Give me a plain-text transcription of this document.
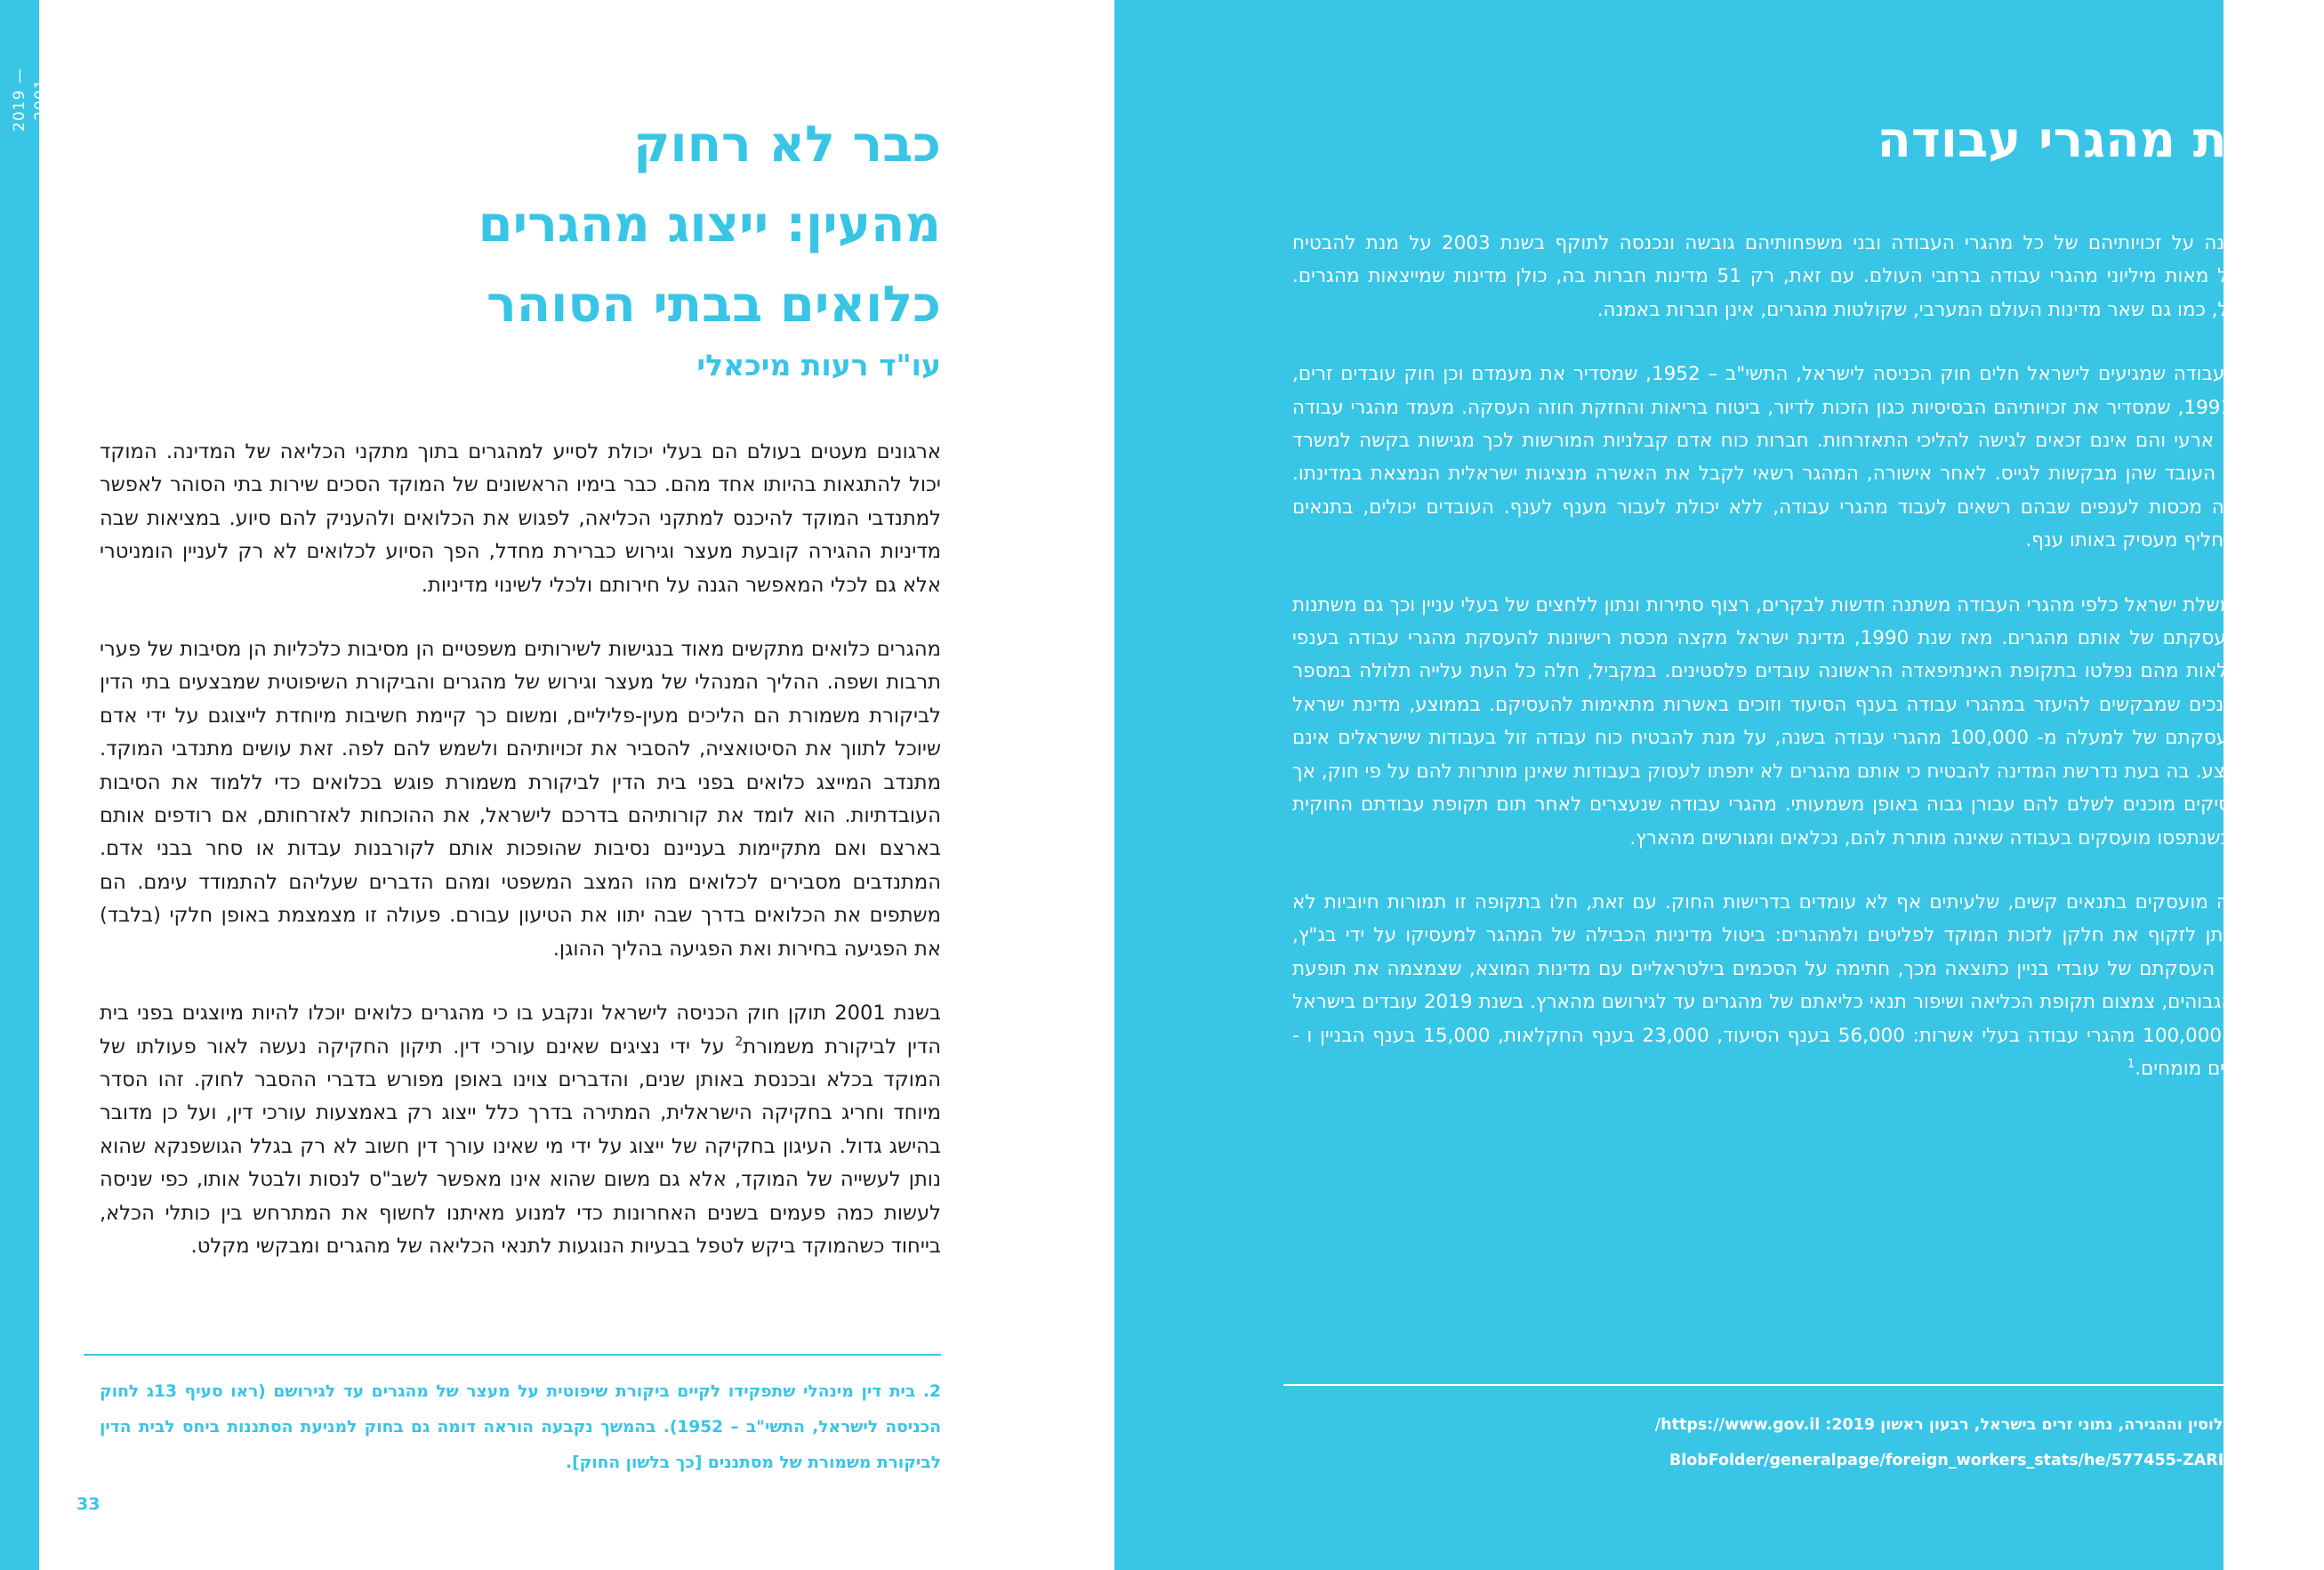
2019 — 2001
כבר לא רחוק
מהעין: ייצוג מהגרים
כלואים בבתי הסוהר
עו"ד רעות מיכאלי

ארגונים מעטים בעולם הם בעלי יכולת לסייע למהגרים בתוך מתקני הכליאה של המדינה. המוקד יכול להתגאות בהיותו אחד מהם. כבר בימיו הראשונים של המוקד הסכים שירות בתי הסוהר לאפשר למתנדבי המוקד להיכנס למתקני הכליאה, לפגוש את הכלואים ולהעניק להם סיוע. במציאות שבה מדיניות ההגירה קובעת מעצר וגירוש כברירת מחדל, הפך הסיוע לכלואים לא רק לעניין הומניטרי אלא גם לכלי המאפשר הגנה על חירותם ולכלי לשינוי מדיניות.

מהגרים כלואים מתקשים מאוד בנגישות לשירותים משפטיים הן מסיבות כלכליות הן מסיבות של פערי תרבות ושפה. ההליך המנהלי של מעצר וגירוש של מהגרים והביקורת השיפוטית שמבצעים בתי הדין לביקורת משמורת הם הליכים מעין-פליליים, ומשום כך קיימת חשיבות מיוחדת לייצוגם על ידי אדם שיוכל לתווך את הסיטואציה, להסביר את זכויותיהם ולשמש להם לפה. זאת עושים מתנדבי המוקד. מתנדב המייצג כלואים בפני בית הדין לביקורת משמורת פוגש בכלואים כדי ללמוד את הסיבות העובדתיות. הוא לומד את קורותיהם בדרכם לישראל, את ההוכחות לאזרחותם, אם רודפים אותם בארצם ואם מתקיימות בעניינם נסיבות שהופכות אותם לקורבנות עבדות או סחר בבני אדם. המתנדבים מסבירים לכלואים מהו המצב המשפטי ומהם הדברים שעליהם להתמודד עימם. הם משתפים את הכלואים בדרך שבה יתוו את הטיעון עבורם. פעולה זו מצמצמת באופן חלקי (בלבד) את הפגיעה בחירות ואת הפגיעה בהליך ההוגן.

בשנת 2001 תוקן חוק הכניסה לישראל ונקבע בו כי מהגרים כלואים יוכלו להיות מיוצגים בפני בית הדין לביקורת משמורת$^2$ על ידי נציגים שאינם עורכי דין. תיקון החקיקה נעשה לאור פעולתו של המוקד בכלא ובכנסת באותן שנים, והדברים צוינו באופן מפורש בדברי ההסבר לחוק. זהו הסדר מיוחד וחריג בחקיקה הישראלית, המתירה בדרך כלל ייצוג רק באמצעות עורכי דין, ועל כן מדובר בהישג גדול. העיגון בחקיקה של ייצוג על ידי מי שאינו עורך דין חשוב לא רק בגלל הגושפנקא שהוא נותן לעשייה של המוקד, אלא גם משום שהוא אינו מאפשר לשב"ס לנסות ולבטל אותו, כפי שניסה לעשות כמה פעמים בשנים האחרונות כדי למנוע מאיתנו לחשוף את המתרחש בין כותלי הכלא, בייחוד כשהמוקד ביקש לטפל בבעיות הנוגעות לתנאי הכליאה של מהגרים ומבקשי מקלט.

2. בית דין מינהלי שתפקידו לקיים ביקורת שיפוטית על מעצר של מהגרים עד לגירושם (ראו סעיף 13ג לחוק הכניסה לישראל, התשי"ב – 1952). בהמשך נקבעה הוראה דומה גם בחוק למניעת הסתננות ביחס לבית הדין לביקורת משמורת של מסתננים [כך בלשון החוק].
33
זכויות מהגרי עבודה

האמנה להגנה על זכויותיהם של כל מהגרי העבודה ובני משפחותיהם גובשה ונכנסה לתוקף בשנת 2003 על מנת להבטיח זכויותיהם של מאות מיליוני מהגרי עבודה ברחבי העולם. עם זאת, רק 51 מדינות חברות בה, כולן מדינות שמייצאות מהגרים. מדינת ישראל, כמו גם שאר מדינות העולם המערבי, שקולטות מהגרים, אינן חברות באמנה.

על מהגרי העבודה שמגיעים לישראל חלים חוק הכניסה לישראל, התשי"ב – 1952, שמסדיר את מעמדם וכן חוק עובדים זרים, התשנ"א – 1991, שמסדיר את זכויותיהם הבסיסיות כגון הזכות לדיור, ביטוח בריאות והחזקת חוזה העסקה. מעמד מהגרי עבודה בישראל הוא ארעי והם אינם זכאים לגישה להליכי התאזרחות. חברות כוח אדם קבלניות המורשות לכך מגישות בקשה למשרד הפנים, בשם העובד שהן מבקשות לגייס. לאחר אישורה, המהגר רשאי לקבל את האשרה מנציגות ישראלית הנמצאת במדינתו. ישראל מקצה מכסות לענפים שבהם רשאים לעבוד מהגרי עבודה, ללא יכולת לעבור מענף לענף. העובדים יכולים, בתנאים מסוימים, להחליף מעסיק באותו ענף.

יחסה של ממשלת ישראל כלפי מהגרי העבודה משתנה חדשות לבקרים, רצוף סתירות ונתון ללחצים של בעלי עניין וכך גם משתנות המכסות להעסקתם של אותם מהגרים. מאז שנת 1990, מדינת ישראל מקצה מכסת רישיונות להעסקת מהגרי עבודה בענפי הבניין והחקלאות מהם נפלטו בתקופת האינתיפאדה הראשונה עובדים פלסטינים. במקביל, חלה כל העת עלייה תלולה במספר הקשישים והנכים שמבקשים להיעזר במהגרי עבודה בענף הסיעוד וזוכים באשרות מתאימות להעסיקם. בממוצע, מדינת ישראל יוזמת את העסקתם של למעלה מ- 100,000 מהגרי עבודה בשנה, על מנת להבטיח כוח עבודה זול בעבודות שישראלים אינם מעוניינים לבצע. בה בעת נדרשת המדינה להבטיח כי אותם מהגרים לא יתפתו לעסוק בעבודות שאינן מותרות להם על פי חוק, אך השכר שמעסיקים מוכנים לשלם להם עבורן גבוה באופן משמעותי. מהגרי עבודה שנעצרים לאחר תום תקופת עבודתם החוקית בישראל או כשנתפסו מועסקים בעבודה שאינה מותרת להם, נכלאים ומגורשים מהארץ.

מהגרי עבודה מועסקים בתנאים קשים, שלעיתים אף לא עומדים בדרישות החוק. עם זאת, חלו בתקופה זו תמורות חיוביות לא מועטות, שניתן לזקוף את חלקן לזכות המוקד לפליטים ולמהגרים: ביטול מדיניות הכבילה של המהגר למעסיקו על ידי בג"ץ, שיפור בתנאי העסקתם של עובדי בניין כתוצאה מכך, חתימה על הסכמים בילטראליים עם מדינות המוצא, שצמצמה את תופעת דמי התיווך הגבוהים, צמצום תקופת הכליאה ושיפור תנאי כליאתם של מהגרים עד לגירושם מהארץ. בשנת 2019 עובדים בישראל למעלה מ - 100,000 מהגרי עבודה בעלי אשרות: 56,000 בענף הסיעוד, 23,000 בענף החקלאות, 15,000 בענף הבניין ו - 6,000 עובדים מומחים.$^1$

1. רשות האוכלוסין וההגירה, נתוני זרים בישראל, רבעון ראשון 2019: https://www.gov.il/
BlobFolder/generalpage/foreign_workers_stats/he/577455-ZARIM-2019.pdf
